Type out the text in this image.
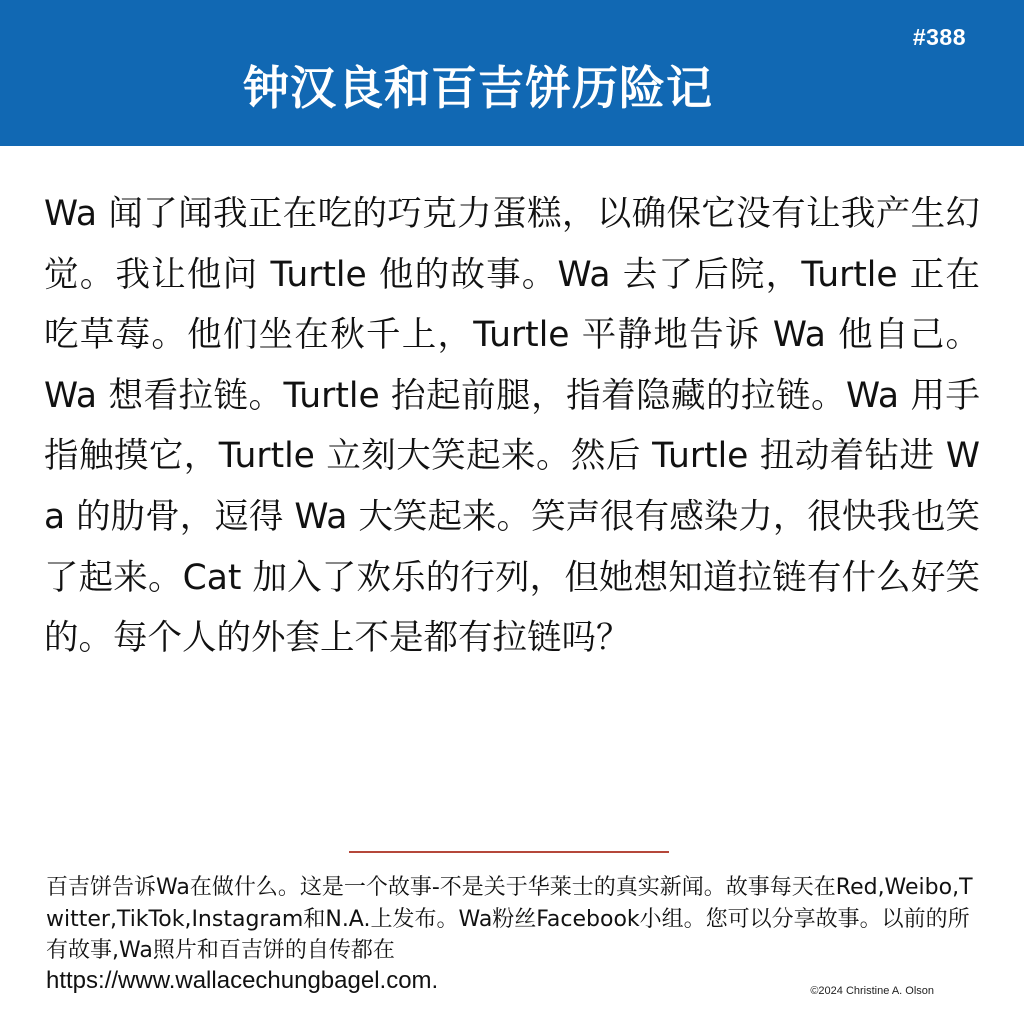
#388
钟汉良和百吉饼历险记

Wa 闻了闻我正在吃的巧克力蛋糕，以确保它没有让我产生幻觉。我让他问 Turtle 他的故事。Wa 去了后院，Turtle 正在吃草莓。他们坐在秋千上，Turtle 平静地告诉 Wa 他自己。Wa 想看拉链。Turtle 抬起前腿，指着隐藏的拉链。Wa 用手指触摸它，Turtle 立刻大笑起来。然后 Turtle 扭动着钻进 Wa 的肋骨，逗得 Wa 大笑起来。笑声很有感染力，很快我也笑了起来。Cat 加入了欢乐的行列，但她想知道拉链有什么好笑的。每个人的外套上不是都有拉链吗？

百吉饼告诉Wa在做什么。这是一个故事-不是关于华莱士的真实新闻。故事每天在Red,Weibo,Twitter,TikTok,Instagram和N.A.上发布。Wa粉丝Facebook小组。您可以分享故事。以前的所有故事,Wa照片和百吉饼的自传都在

https://www.wallacechungbagel.com.	©2024 Christine A. Olson
